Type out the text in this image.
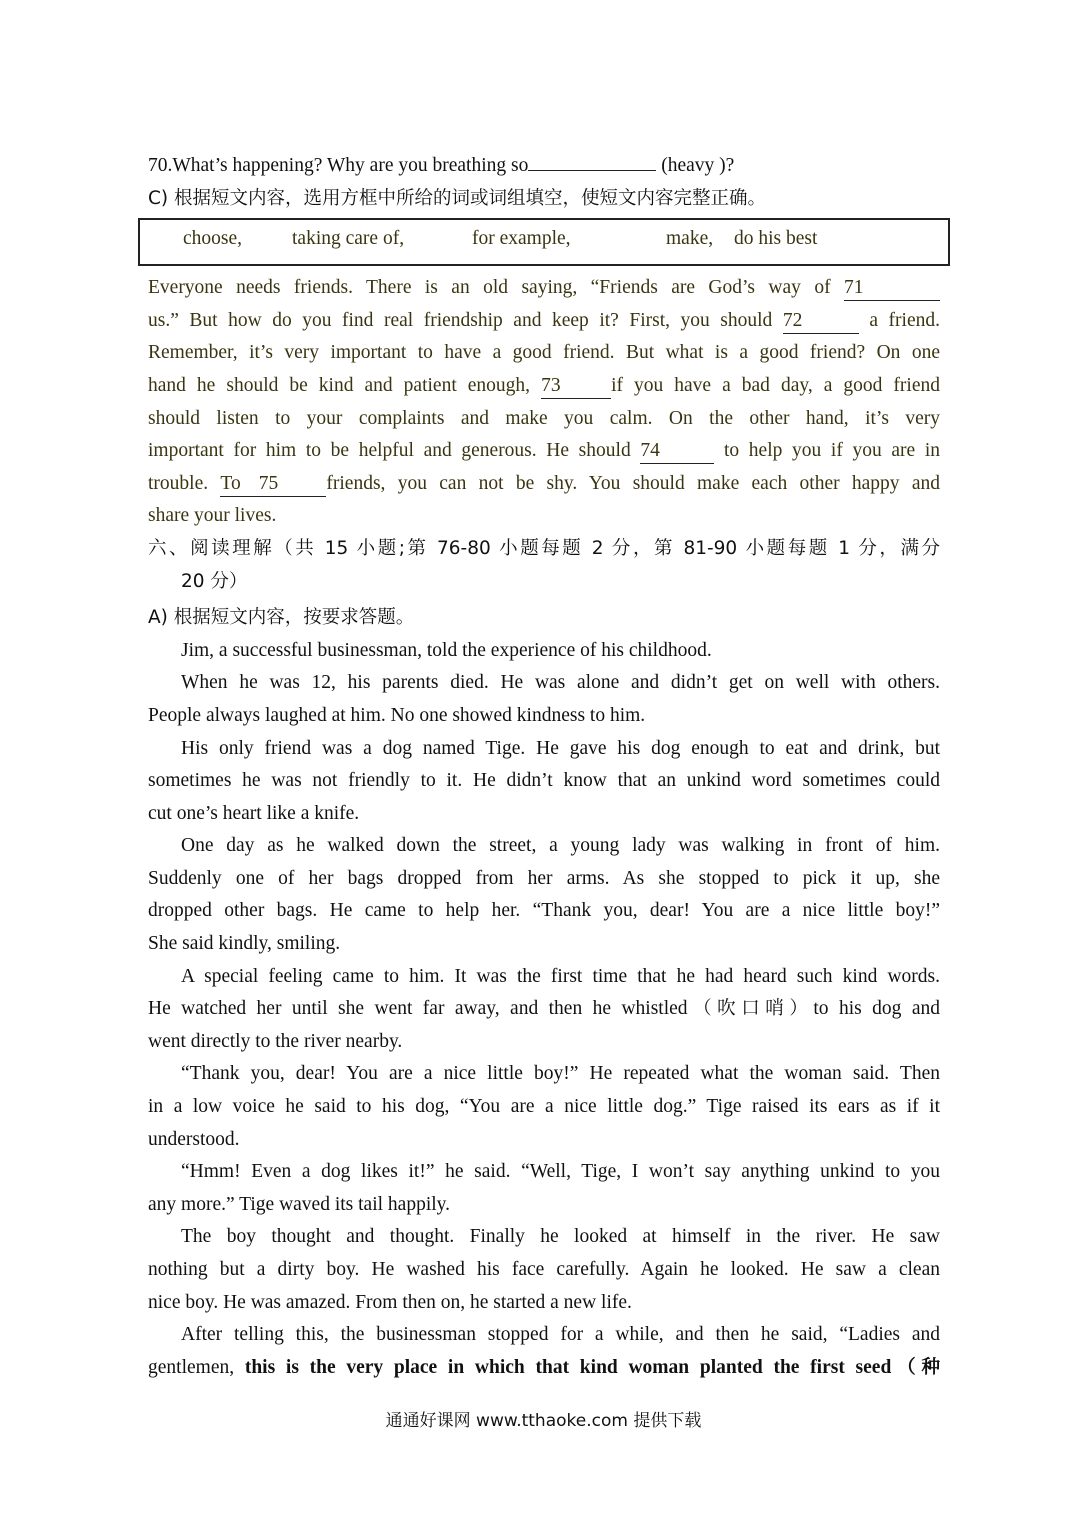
70.What’s happening? Why are you breathing so	(heavy )?

C) 根据短文内容，选用方框中所给的词或词组填空，使短文内容完整正确。

choose,	taking care of,	for example,	make, do his best

Everyone needs friends. There is an old saying, “Friends are God’s way of 71

us.” But how do you find real friendship and keep it? First, you should 72	a friend.

Remember, it’s very important to have a good friend. But what is a good friend? On one

hand he should be kind and patient enough, 73	if you have a bad day, a good friend

should listen to your complaints and make you calm. On the other hand, it’s very

important for him to be helpful and generous. He should 74	to help you if you are in

trouble. To 75 friends, you can not be shy. You should make each other happy and

share your lives.

六、阅读理解（共 15 小题;第 76-80 小题每题 2 分，第 81-90 小题每题 1 分，满分

20 分）

A) 根据短文内容，按要求答题。

Jim, a successful businessman, told the experience of his childhood.

When he was 12, his parents died. He was alone and didn’t get on well with others.

People always laughed at him. No one showed kindness to him.

His only friend was a dog named Tige. He gave his dog enough to eat and drink, but

sometimes he was not friendly to it. He didn’t know that an unkind word sometimes could

cut one’s heart like a knife.

One day as he walked down the street, a young lady was walking in front of him.

Suddenly one of her bags dropped from her arms. As she stopped to pick it up, she

dropped other bags. He came to help her. “Thank you, dear! You are a nice little boy!”

She said kindly, smiling.

A special feeling came to him. It was the first time that he had heard such kind words.

He watched her until she went far away, and then he whistled（吹口哨）to his dog and

went directly to the river nearby.

“Thank you, dear! You are a nice little boy!” He repeated what the woman said. Then

in a low voice he said to his dog, “You are a nice little dog.” Tige raised its ears as if it

understood.

“Hmm! Even a dog likes it!” he said. “Well, Tige, I won’t say anything unkind to you

any more.” Tige waved its tail happily.

The boy thought and thought. Finally he looked at himself in the river. He saw

nothing but a dirty boy. He washed his face carefully. Again he looked. He saw a clean

nice boy. He was amazed. From then on, he started a new life.

After telling this, the businessman stopped for a while, and then he said, “Ladies and

gentlemen, this is the very place in which that kind woman planted the first seed（种

通通好课网 www.tthaoke.com 提供下载
